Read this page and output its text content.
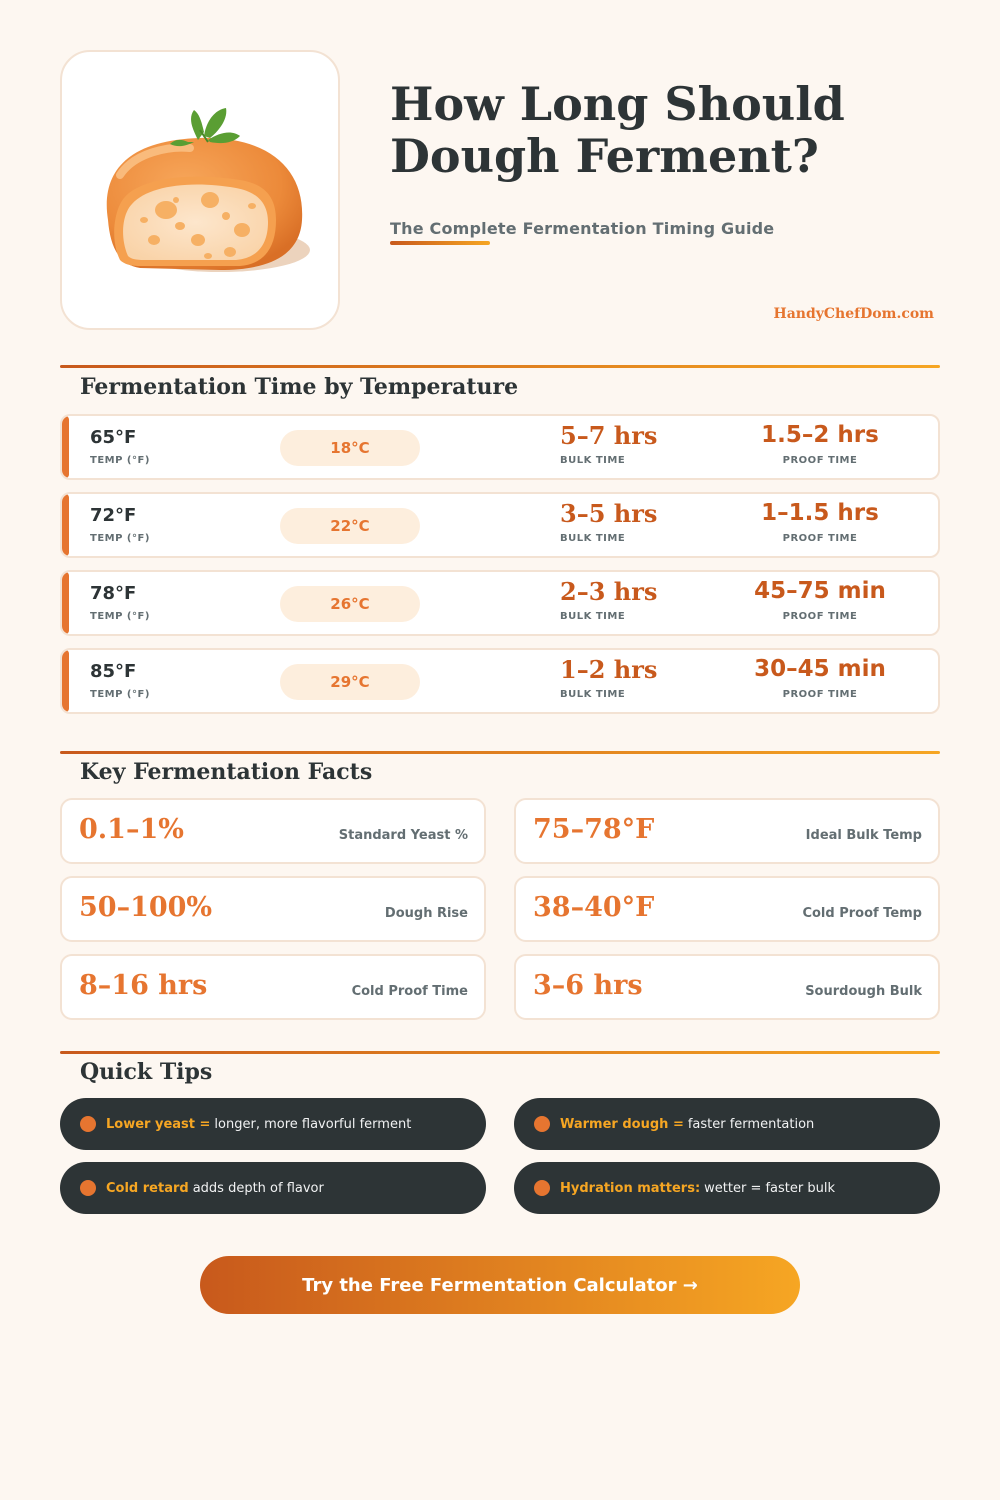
How Long Should
Dough Ferment?
The Complete Fermentation Timing Guide
HandyChefDom.com
Fermentation Time by Temperature
65°F
TEMP (°F)
18°C	5–7 hrs
BULK TIME
1.5–2 hrs
PROOF TIME
72°F
TEMP (°F)
22°C	3–5 hrs
BULK TIME
1–1.5 hrs
PROOF TIME
78°F
TEMP (°F)
26°C	2–3 hrs
BULK TIME
45–75 min
PROOF TIME
85°F
TEMP (°F)
29°C	1–2 hrs
BULK TIME
30–45 min
PROOF TIME
Key Fermentation Facts
0.1–1%	Standard Yeast % 75–78°F	Ideal Bulk Temp
50–100%	Dough Rise 38–40°F	Cold Proof Temp
8–16 hrs	Cold Proof Time 3–6 hrs	Sourdough Bulk
Quick Tips
Lower yeast = longer, more flavorful ferment	Warmer dough = faster fermentation
Cold retard adds depth of flavor	Hydration matters: wetter = faster bulk
Try the Free Fermentation Calculator →
